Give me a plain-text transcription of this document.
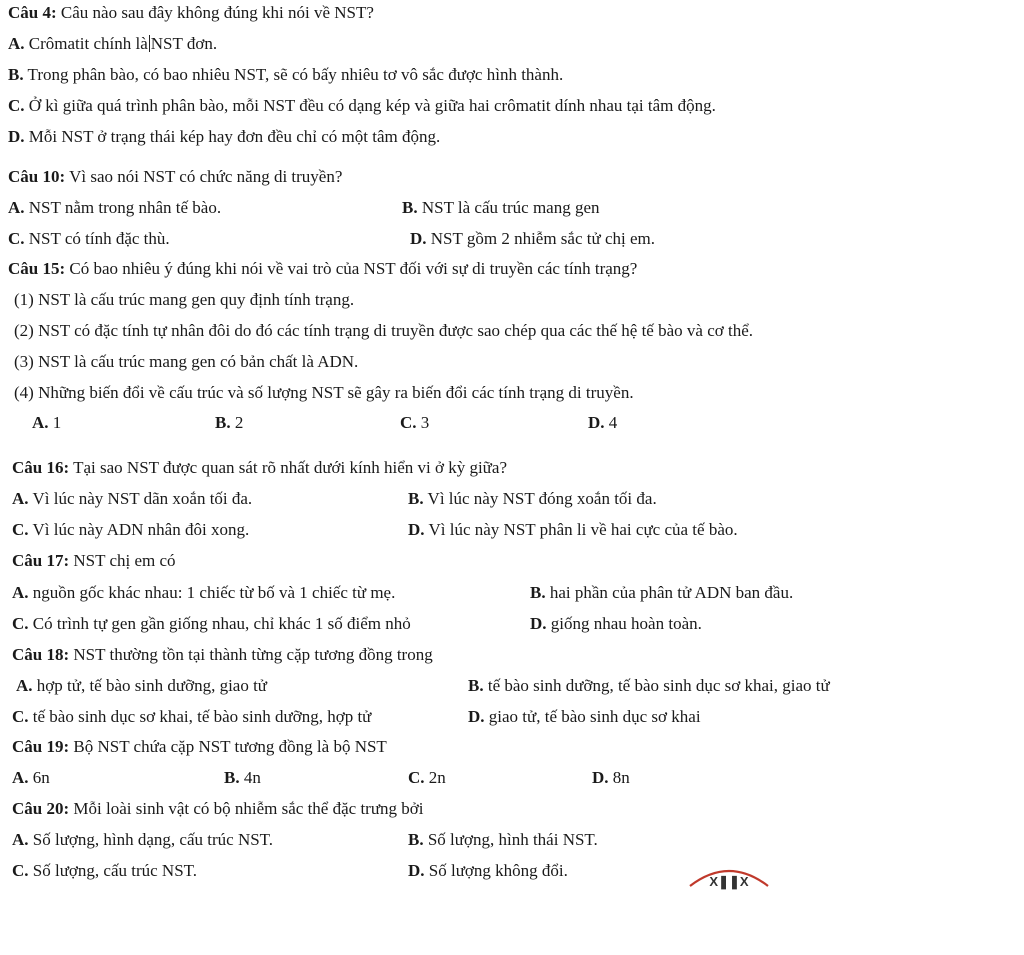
Câu 4: Câu nào sau đây không đúng khi nói về NST?
A. Crômatit chính là NST đơn.
B. Trong phân bào, có bao nhiêu NST, sẽ có bấy nhiêu tơ vô sắc được hình thành.
C. Ở kì giữa quá trình phân bào, mỗi NST đều có dạng kép và giữa hai crômatit dính nhau tại tâm động.
D. Mỗi NST ở trạng thái kép hay đơn đều chỉ có một tâm động.
Câu 10: Vì sao nói NST có chức năng di truyền?
A. NST nằm trong nhân tế bào.	B. NST là cấu trúc mang gen
C. NST có tính đặc thù.	D. NST gồm 2 nhiễm sắc tử chị em.
Câu 15: Có bao nhiêu ý đúng khi nói về vai trò của NST đối với sự di truyền các tính trạng?
(1) NST là cấu trúc mang gen quy định tính trạng.
(2) NST có đặc tính tự nhân đôi do đó các tính trạng di truyền được sao chép qua các thế hệ tế bào và cơ thể.
(3) NST là cấu trúc mang gen có bản chất là ADN.
(4) Những biến đổi về cấu trúc và số lượng NST sẽ gây ra biến đổi các tính trạng di truyền.
A. 1	B. 2	C. 3	D. 4
Câu 16: Tại sao NST được quan sát rõ nhất dưới kính hiển vi ở kỳ giữa?
A. Vì lúc này NST dãn xoắn tối đa.	B. Vì lúc này NST đóng xoắn tối đa.
C. Vì lúc này ADN nhân đôi xong.	D. Vì lúc này NST phân li về hai cực của tế bào.
Câu 17: NST chị em có
A. nguồn gốc khác nhau: 1 chiếc từ bố và 1 chiếc từ mẹ.	B. hai phần của phân tử ADN ban đầu.
C. Có trình tự gen gần giống nhau, chỉ khác 1 số điểm nhỏ	D. giống nhau hoàn toàn.
Câu 18: NST thường tồn tại thành từng cặp tương đồng trong
A. hợp tử, tế bào sinh dưỡng, giao tử	B. tế bào sinh dưỡng, tế bào sinh dục sơ khai, giao tử
C. tế bào sinh dục sơ khai, tế bào sinh dưỡng, hợp tử	D. giao tử, tế bào sinh dục sơ khai
Câu 19: Bộ NST chứa cặp NST tương đồng là bộ NST
A. 6n	B. 4n	C. 2n	D. 8n
Câu 20: Mỗi loài sinh vật có bộ nhiễm sắc thể đặc trưng bởi
A. Số lượng, hình dạng, cấu trúc NST.	B. Số lượng, hình thái NST.
C. Số lượng, cấu trúc NST.	D. Số lượng không đổi.
X❚❚X
